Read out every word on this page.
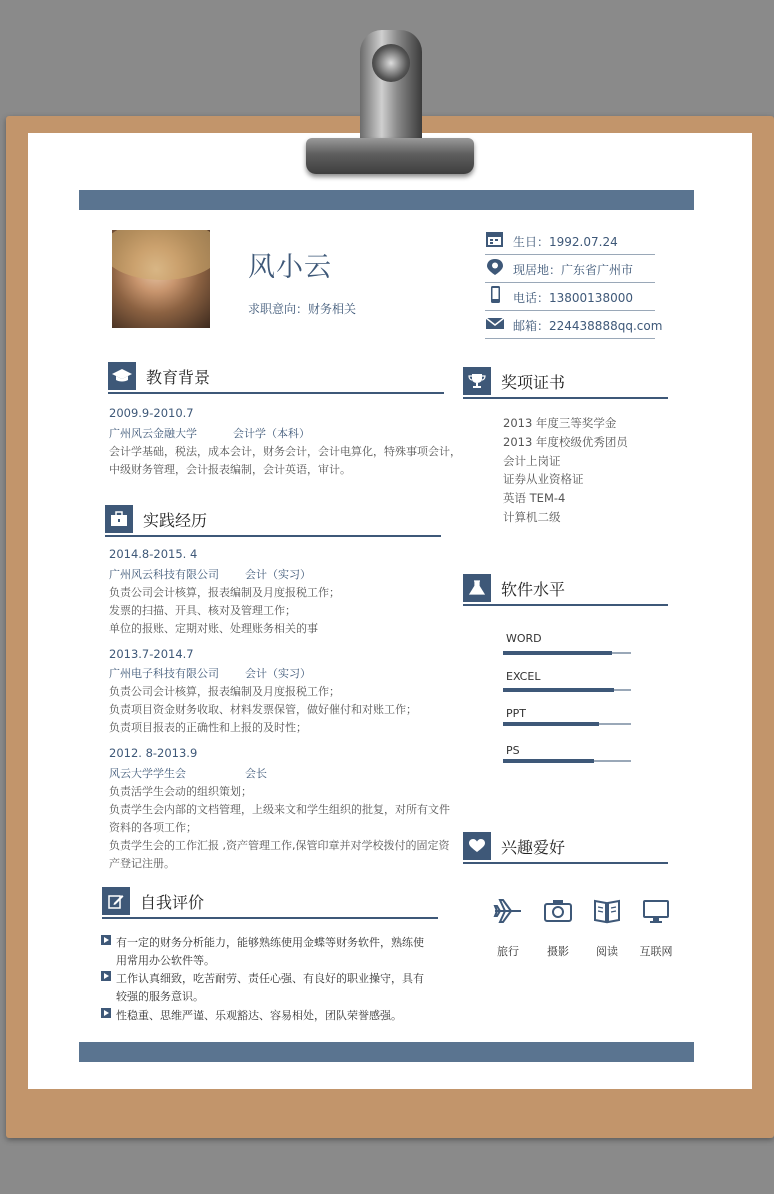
风小云
求职意向：财务相关
生日：1992.07.24
现居地：广东省广州市
电话：13800138000
邮箱：224438888qq.com
教育背景
2009.9-2010.7
广州风云金融大学	会计学（本科）
会计学基础，税法，成本会计，财务会计，会计电算化，特殊事项会计，
中级财务管理，会计报表编制，会计英语，审计。
实践经历
2014.8-2015. 4
广州风云科技有限公司 会计（实习）
负责公司会计核算，报表编制及月度报税工作；
发票的扫描、开具、核对及管理工作；
单位的报账、定期对账、处理账务相关的事
2013.7-2014.7
广州电子科技有限公司 会计（实习）
负责公司会计核算，报表编制及月度报税工作；
负责项目资金财务收取、材料发票保管，做好催付和对账工作；
负责项目报表的正确性和上报的及时性；
2012. 8-2013.9
风云大学学生会	会长
负责活学生会动的组织策划；
负责学生会内部的文档管理，上级来文和学生组织的批复，对所有文件
资料的各项工作；
负责学生会的工作汇报 ,资产管理工作,保管印章并对学校拨付的固定资
产登记注册。
自我评价
有一定的财务分析能力，能够熟练使用金蝶等财务软件，熟练使
用常用办公软件等。
工作认真细致，吃苦耐劳、责任心强、有良好的职业操守，具有
较强的服务意识。
性稳重、思维严谨、乐观豁达、容易相处，团队荣誉感强。
奖项证书
2013 年度三等奖学金
2013 年度校级优秀团员
会计上岗证
证券从业资格证
英语 TEM-4
计算机二级
软件水平
WORD
EXCEL
PPT
PS
兴趣爱好
旅行	摄影	阅读	互联网
